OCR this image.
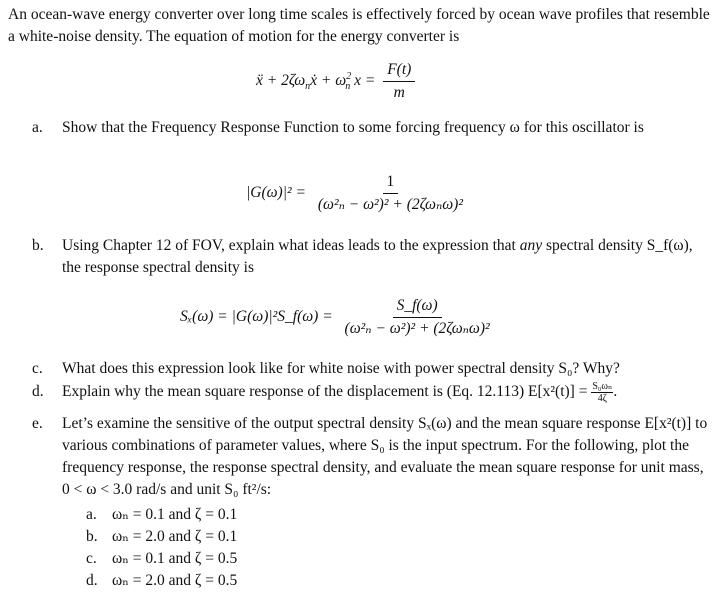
An ocean-wave energy converter over long time scales is effectively forced by ocean wave profiles that resemble a white-noise density. The equation of motion for the energy converter is

ẍ + $2\zeta\omega_nẋ + \omega^2_n$ $x = \frac{F(t)}{m}$
a. Show that the Frequency Response Function to some forcing frequency ω for this oscillator is
$|G(\omega)|^2 = \frac{1}{\text{(ω²ₙ − ω²)² + (2ζωₙω)²}}$
b. Using Chapter 12 of FOV, explain what ideas leads to the expression that any spectral density S_f(ω), the response spectral density is
Sₓ(ω) = |G(ω)|²S_f(ω) = $\frac{S\_f(\omega)}{\text{(ω²ₙ − ω²)² + (2ζωₙω)²}}$
c. What does this expression look like for white noise with power spectral density S₀? Why?
d. Explain why the mean square response of the displacement is (Eq. 12.113) $E[x^2(t)] = \frac{\text{S₀ωₙ}}{4\zeta}$ .
e. Let’s examine the sensitive of the output spectral density Sₓ(ω) and the mean square response E[x²(t)] to various combinations of parameter values, where S₀ is the input spectrum. For the following, plot the frequency response, the response spectral density, and evaluate the mean square response for unit mass, 0 < ω < 3.0 rad/s and unit S₀ ft²/s:
a. ωₙ = 0.1 and ζ = 0.1
b. ωₙ = 2.0 and ζ = 0.1
c. ωₙ = 0.1 and ζ = 0.5
d. ωₙ = 2.0 and ζ = 0.5
